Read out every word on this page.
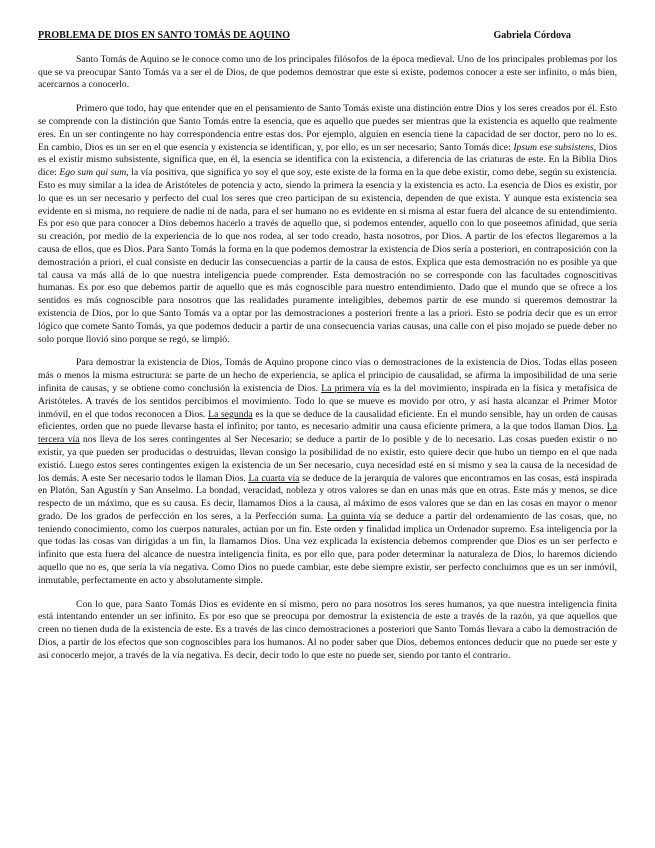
PROBLEMA DE DIOS EN SANTO TOMÁS DE AQUINO	Gabriela Córdova

Santo Tomás de Aquino se le conoce como uno de los principales filósofos de la época medieval. Uno de los principales problemas por los que se va preocupar Santo Tomás va a ser el de Dios, de que podemos demostrar que este si existe, podemos conocer a este ser infinito, o más bien, acercarnos a conocerlo.

Primero que todo, hay que entender que en el pensamiento de Santo Tomás existe una distinción entre Dios y los seres creados por él. Esto se comprende con la distinción que Santo Tomás entre la esencia, que es aquello que puedes ser mientras que la existencia es aquello que realmente eres. En un ser contingente no hay correspondencia entre estas dos. Por ejemplo, alguien en esencia tiene la capacidad de ser doctor, pero no lo es. En cambio, Dios es un ser en el que esencia y existencia se identifican, y, por ello, es un ser necesario; Santo Tomás dice: Ipsum ese subsistens, Dios es el existir mismo subsistente, significa que, en él, la esencia se identifica con la existencia, a diferencia de las criaturas de este. En la Biblia Dios dice: Ego sum qui sum, la vía positiva, que significa yo soy el que soy, este existe de la forma en la que debe existir, como debe, según su existencia. Esto es muy similar a la idea de Aristóteles de potencia y acto, siendo la primera la esencia y la existencia es acto. La esencia de Dios es existir, por lo que es un ser necesario y perfecto del cual los seres que creo participan de su existencia, dependen de que exista. Y aunque esta existencia sea evidente en si misma, no requiere de nadie ni de nada, para el ser humano no es evidente en si misma al estar fuera del alcance de su entendimiento. Es por eso que para conocer a Dios debemos hacerlo a través de aquello que, si podemos entender, aquello con lo que poseemos afinidad, que sería su creación, por medio de la experiencia de lo que nos rodea, al ser todo creado, hasta nosotros, por Dios. A partir de los efectos llegaremos a la causa de ellos, que es Dios. Para Santo Tomás la forma en la que podemos demostrar la existencia de Dios sería a posteriori, en contraposición con la demostración a priori, el cual consiste en deducir las consecuencias a partir de la causa de estos. Explica que esta demostración no es posible ya que tal causa va más allá de lo que nuestra inteligencia puede comprender. Esta demostración no se corresponde con las facultades cognoscitivas humanas. Es por eso que debemos partir de aquello que es más cognoscible para nuestro entendimiento. Dado que el mundo que se ofrece a los sentidos es más cognoscible para nosotros que las realidades puramente inteligibles, debemos partir de ese mundo si queremos demostrar la existencia de Dios, por lo que Santo Tomás va a optar por las demostraciones a posteriori frente a las a priori. Esto se podría decir que es un error lógico que comete Santo Tomás, ya que podemos deducir a partir de una consecuencia varias causas, una calle con el piso mojado se puede deber no solo porque llovió sino porque se regó, se limpió.

Para demostrar la existencia de Dios, Tomás de Aquino propone cinco vías o demostraciones de la existencia de Dios. Todas ellas poseen más o menos la misma estructura: se parte de un hecho de experiencia, se aplica el principio de causalidad, se afirma la imposibilidad de una serie infinita de causas, y se obtiene como conclusión la existencia de Dios. La primera vía es la del movimiento, inspirada en la física y metafísica de Aristóteles. A través de los sentidos percibimos el movimiento. Todo lo que se mueve es movido por otro, y así hasta alcanzar el Primer Motor inmóvil, en el que todos reconocen a Dios. La segunda es la que se deduce de la causalidad eficiente. En el mundo sensible, hay un orden de causas eficientes, orden que no puede llevarse hasta el infinito; por tanto, es necesario admitir una causa eficiente primera, a la que todos llaman Dios. La tercera vía nos lleva de los seres contingentes al Ser Necesario; se deduce a partir de lo posible y de lo necesario. Las cosas pueden existir o no existir, ya que pueden ser producidas o destruidas, llevan consigo la posibilidad de no existir, esto quiere decir que hubo un tiempo en el que nada existió. Luego estos seres contingentes exigen la existencia de un Ser necesario, cuya necesidad esté en sí mismo y sea la causa de la necesidad de los demás. A este Ser necesario todos le llaman Dios. La cuarta vía se deduce de la jerarquía de valores que encontramos en las cosas, está inspirada en Platón, San Agustín y San Anselmo. La bondad, veracidad, nobleza y otros valores se dan en unas más que en otras. Este más y menos, se dice respecto de un máximo, que es su causa. Es decir, llamamos Dios a la causa, al máximo de esos valores que se dan en las cosas en mayor o menor grado. De los grados de perfección en los seres, a la Perfección suma. La quinta vía se deduce a partir del ordenamiento de las cosas, que, no teniendo conocimiento, como los cuerpos naturales, actúan por un fin. Este orden y finalidad implica un Ordenador supremo. Esa inteligencia por la que todas las cosas van dirigidas a un fin, la llamamos Dios. Una vez explicada la existencia debemos comprender que Dios es un ser perfecto e infinito que esta fuera del alcance de nuestra inteligencia finita, es por ello que, para poder determinar la naturaleza de Dios, lo haremos diciendo aquello que no es, que sería la vía negativa. Como Dios no puede cambiar, este debe siempre existir, ser perfecto concluimos que es un ser inmóvil, inmutable, perfectamente en acto y absolutamente simple.

Con lo que, para Santo Tomás Dios es evidente en sí mismo, pero no para nosotros los seres humanos, ya que nuestra inteligencia finita está intentando entender un ser infinito. Es por eso que se preocupa por demostrar la existencia de este a través de la razón, ya que aquellos que creen no tienen duda de la existencia de este. Es a través de las cinco demostraciones a posteriori que Santo Tomás llevara a cabo la demostración de Dios, a partir de los efectos que son cognoscibles para los humanos. Al no poder saber que Dios, debemos entonces deducir que no puede ser este y así conocerlo mejor, a través de la vía negativa. Es decir, decir todo lo que este no puede ser, siendo por tanto el contrario.
